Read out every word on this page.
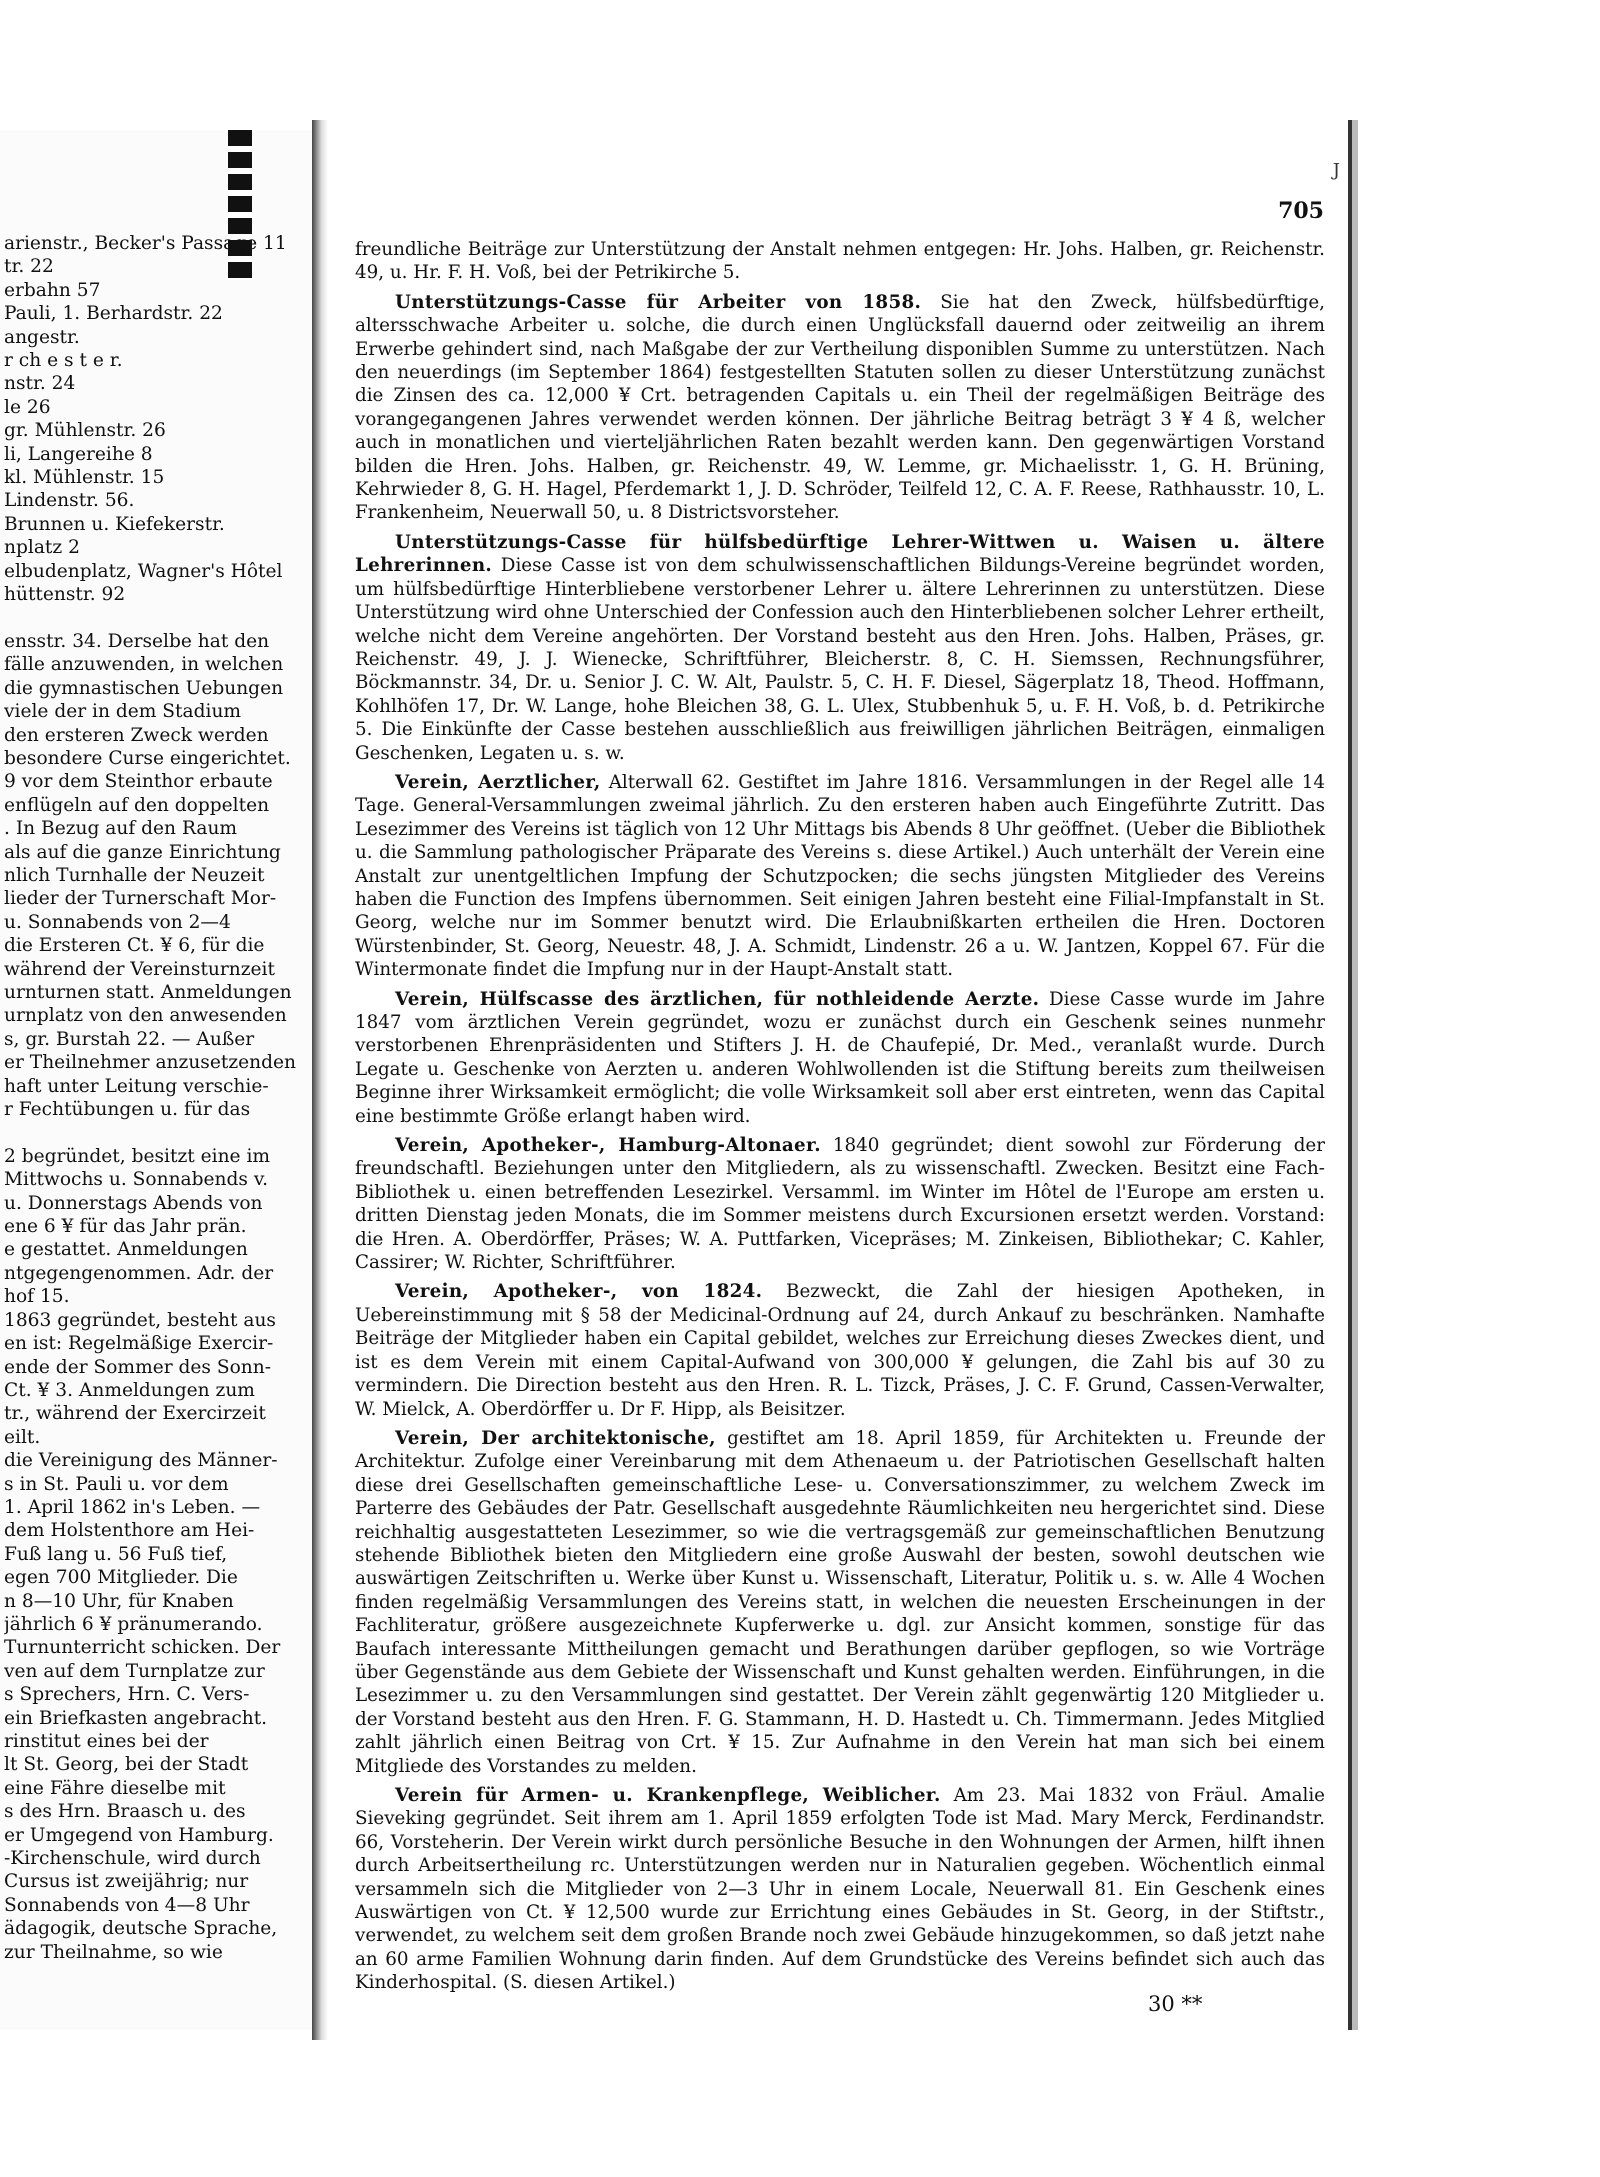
arienstr., Becker's Passage 11
tr. 22
erbahn 57
Pauli, 1. Berhardstr. 22
angestr.
r ch e s t e r.
nstr. 24
le 26
gr. Mühlenstr. 26
li, Langereihe 8
kl. Mühlenstr. 15
Lindenstr. 56.
Brunnen u. Kiefekerstr.
nplatz 2
elbudenplatz, Wagner's Hôtel
hüttenstr. 92

ensstr. 34. Derselbe hat den
fälle anzuwenden, in welchen
die gymnastischen Uebungen
viele der in dem Stadium
den ersteren Zweck werden
besondere Curse eingerichtet.
9 vor dem Steinthor erbaute
enflügeln auf den doppelten
. In Bezug auf den Raum
als auf die ganze Einrichtung
nlich Turnhalle der Neuzeit
lieder der Turnerschaft Mor-
u. Sonnabends von 2—4
die Ersteren Ct. ¥ 6, für die
während der Vereinsturnzeit
urnturnen statt. Anmeldungen
urnplatz von den anwesenden
s, gr. Burstah 22. — Außer
er Theilnehmer anzusetzenden
haft unter Leitung verschie-
r Fechtübungen u. für das

2 begründet, besitzt eine im
Mittwochs u. Sonnabends v.
u. Donnerstags Abends von
ene 6 ¥ für das Jahr prän.
e gestattet. Anmeldungen
ntgegengenommen. Adr. der
hof 15.
1863 gegründet, besteht aus
en ist: Regelmäßige Exercir-
ende der Sommer des Sonn-
Ct. ¥ 3. Anmeldungen zum
tr., während der Exercirzeit
eilt.
die Vereinigung des Männer-
s in St. Pauli u. vor dem
1. April 1862 in's Leben. —
dem Holstenthore am Hei-
Fuß lang u. 56 Fuß tief,
egen 700 Mitglieder. Die
n 8—10 Uhr, für Knaben
jährlich 6 ¥ pränumerando.
Turnunterricht schicken. Der
ven auf dem Turnplatze zur
s Sprechers, Hrn. C. Vers-
ein Briefkasten angebracht.
rinstitut eines bei der
lt St. Georg, bei der Stadt
eine Fähre dieselbe mit
s des Hrn. Braasch u. des
er Umgegend von Hamburg.
-Kirchenschule, wird durch
Cursus ist zweijährig; nur
Sonnabends von 4—8 Uhr
ädagogik, deutsche Sprache,
zur Theilnahme, so wie
J
705

freundliche Beiträge zur Unterstützung der Anstalt nehmen entgegen: Hr. Johs. Halben, gr. Reichenstr. 49, u. Hr. F. H. Voß, bei der Petrikirche 5.

Unterstützungs-Casse für Arbeiter von 1858. Sie hat den Zweck, hülfsbedürftige, altersschwache Arbeiter u. solche, die durch einen Unglücksfall dauernd oder zeitweilig an ihrem Erwerbe gehindert sind, nach Maßgabe der zur Vertheilung disponiblen Summe zu unterstützen. Nach den neuerdings (im September 1864) festgestellten Statuten sollen zu dieser Unterstützung zunächst die Zinsen des ca. 12,000 ¥ Crt. betragenden Capitals u. ein Theil der regelmäßigen Beiträge des vorangegangenen Jahres verwendet werden können. Der jährliche Beitrag beträgt 3 ¥ 4 ß, welcher auch in monatlichen und vierteljährlichen Raten bezahlt werden kann. Den gegenwärtigen Vorstand bilden die Hren. Johs. Halben, gr. Reichenstr. 49, W. Lemme, gr. Michaelisstr. 1, G. H. Brüning, Kehrwieder 8, G. H. Hagel, Pferdemarkt 1, J. D. Schröder, Teilfeld 12, C. A. F. Reese, Rathhausstr. 10, L. Frankenheim, Neuerwall 50, u. 8 Districtsvorsteher.

Unterstützungs-Casse für hülfsbedürftige Lehrer-Wittwen u. Waisen u. ältere Lehrerinnen. Diese Casse ist von dem schulwissenschaftlichen Bildungs-Vereine begründet worden, um hülfsbedürftige Hinterbliebene verstorbener Lehrer u. ältere Lehrerinnen zu unterstützen. Diese Unterstützung wird ohne Unterschied der Confession auch den Hinterbliebenen solcher Lehrer ertheilt, welche nicht dem Vereine angehörten. Der Vorstand besteht aus den Hren. Johs. Halben, Präses, gr. Reichenstr. 49, J. J. Wienecke, Schriftführer, Bleicherstr. 8, C. H. Siemssen, Rechnungsführer, Böckmannstr. 34, Dr. u. Senior J. C. W. Alt, Paulstr. 5, C. H. F. Diesel, Sägerplatz 18, Theod. Hoffmann, Kohlhöfen 17, Dr. W. Lange, hohe Bleichen 38, G. L. Ulex, Stubbenhuk 5, u. F. H. Voß, b. d. Petrikirche 5. Die Einkünfte der Casse bestehen ausschließlich aus freiwilligen jährlichen Beiträgen, einmaligen Geschenken, Legaten u. s. w.

Verein, Aerztlicher, Alterwall 62. Gestiftet im Jahre 1816. Versammlungen in der Regel alle 14 Tage. General-Versammlungen zweimal jährlich. Zu den ersteren haben auch Eingeführte Zutritt. Das Lesezimmer des Vereins ist täglich von 12 Uhr Mittags bis Abends 8 Uhr geöffnet. (Ueber die Bibliothek u. die Sammlung pathologischer Präparate des Vereins s. diese Artikel.) Auch unterhält der Verein eine Anstalt zur unentgeltlichen Impfung der Schutzpocken; die sechs jüngsten Mitglieder des Vereins haben die Function des Impfens übernommen. Seit einigen Jahren besteht eine Filial-Impfanstalt in St. Georg, welche nur im Sommer benutzt wird. Die Erlaubnißkarten ertheilen die Hren. Doctoren Würstenbinder, St. Georg, Neuestr. 48, J. A. Schmidt, Lindenstr. 26 a u. W. Jantzen, Koppel 67. Für die Wintermonate findet die Impfung nur in der Haupt-Anstalt statt.

Verein, Hülfscasse des ärztlichen, für nothleidende Aerzte. Diese Casse wurde im Jahre 1847 vom ärztlichen Verein gegründet, wozu er zunächst durch ein Geschenk seines nunmehr verstorbenen Ehrenpräsidenten und Stifters J. H. de Chaufepié, Dr. Med., veranlaßt wurde. Durch Legate u. Geschenke von Aerzten u. anderen Wohlwollenden ist die Stiftung bereits zum theilweisen Beginne ihrer Wirksamkeit ermöglicht; die volle Wirksamkeit soll aber erst eintreten, wenn das Capital eine bestimmte Größe erlangt haben wird.

Verein, Apotheker-, Hamburg-Altonaer. 1840 gegründet; dient sowohl zur Förderung der freundschaftl. Beziehungen unter den Mitgliedern, als zu wissenschaftl. Zwecken. Besitzt eine Fach-Bibliothek u. einen betreffenden Lesezirkel. Versamml. im Winter im Hôtel de l'Europe am ersten u. dritten Dienstag jeden Monats, die im Sommer meistens durch Excursionen ersetzt werden. Vorstand: die Hren. A. Oberdörffer, Präses; W. A. Puttfarken, Vicepräses; M. Zinkeisen, Bibliothekar; C. Kahler, Cassirer; W. Richter, Schriftführer.

Verein, Apotheker-, von 1824. Bezweckt, die Zahl der hiesigen Apotheken, in Uebereinstimmung mit § 58 der Medicinal-Ordnung auf 24, durch Ankauf zu beschränken. Namhafte Beiträge der Mitglieder haben ein Capital gebildet, welches zur Erreichung dieses Zweckes dient, und ist es dem Verein mit einem Capital-Aufwand von 300,000 ¥ gelungen, die Zahl bis auf 30 zu vermindern. Die Direction besteht aus den Hren. R. L. Tizck, Präses, J. C. F. Grund, Cassen-Verwalter, W. Mielck, A. Oberdörffer u. Dr F. Hipp, als Beisitzer.

Verein, Der architektonische, gestiftet am 18. April 1859, für Architekten u. Freunde der Architektur. Zufolge einer Vereinbarung mit dem Athenaeum u. der Patriotischen Gesellschaft halten diese drei Gesellschaften gemeinschaftliche Lese- u. Conversationszimmer, zu welchem Zweck im Parterre des Gebäudes der Patr. Gesellschaft ausgedehnte Räumlichkeiten neu hergerichtet sind. Diese reichhaltig ausgestatteten Lesezimmer, so wie die vertragsgemäß zur gemeinschaftlichen Benutzung stehende Bibliothek bieten den Mitgliedern eine große Auswahl der besten, sowohl deutschen wie auswärtigen Zeitschriften u. Werke über Kunst u. Wissenschaft, Literatur, Politik u. s. w. Alle 4 Wochen finden regelmäßig Versammlungen des Vereins statt, in welchen die neuesten Erscheinungen in der Fachliteratur, größere ausgezeichnete Kupferwerke u. dgl. zur Ansicht kommen, sonstige für das Baufach interessante Mittheilungen gemacht und Berathungen darüber gepflogen, so wie Vorträge über Gegenstände aus dem Gebiete der Wissenschaft und Kunst gehalten werden. Einführungen, in die Lesezimmer u. zu den Versammlungen sind gestattet. Der Verein zählt gegenwärtig 120 Mitglieder u. der Vorstand besteht aus den Hren. F. G. Stammann, H. D. Hastedt u. Ch. Timmermann. Jedes Mitglied zahlt jährlich einen Beitrag von Crt. ¥ 15. Zur Aufnahme in den Verein hat man sich bei einem Mitgliede des Vorstandes zu melden.

Verein für Armen- u. Krankenpflege, Weiblicher. Am 23. Mai 1832 von Fräul. Amalie Sieveking gegründet. Seit ihrem am 1. April 1859 erfolgten Tode ist Mad. Mary Merck, Ferdinandstr. 66, Vorsteherin. Der Verein wirkt durch persönliche Besuche in den Wohnungen der Armen, hilft ihnen durch Arbeitsertheilung rc. Unterstützungen werden nur in Naturalien gegeben. Wöchentlich einmal versammeln sich die Mitglieder von 2—3 Uhr in einem Locale, Neuerwall 81. Ein Geschenk eines Auswärtigen von Ct. ¥ 12,500 wurde zur Errichtung eines Gebäudes in St. Georg, in der Stiftstr., verwendet, zu welchem seit dem großen Brande noch zwei Gebäude hinzugekommen, so daß jetzt nahe an 60 arme Familien Wohnung darin finden. Auf dem Grundstücke des Vereins befindet sich auch das Kinderhospital. (S. diesen Artikel.)

30 **
